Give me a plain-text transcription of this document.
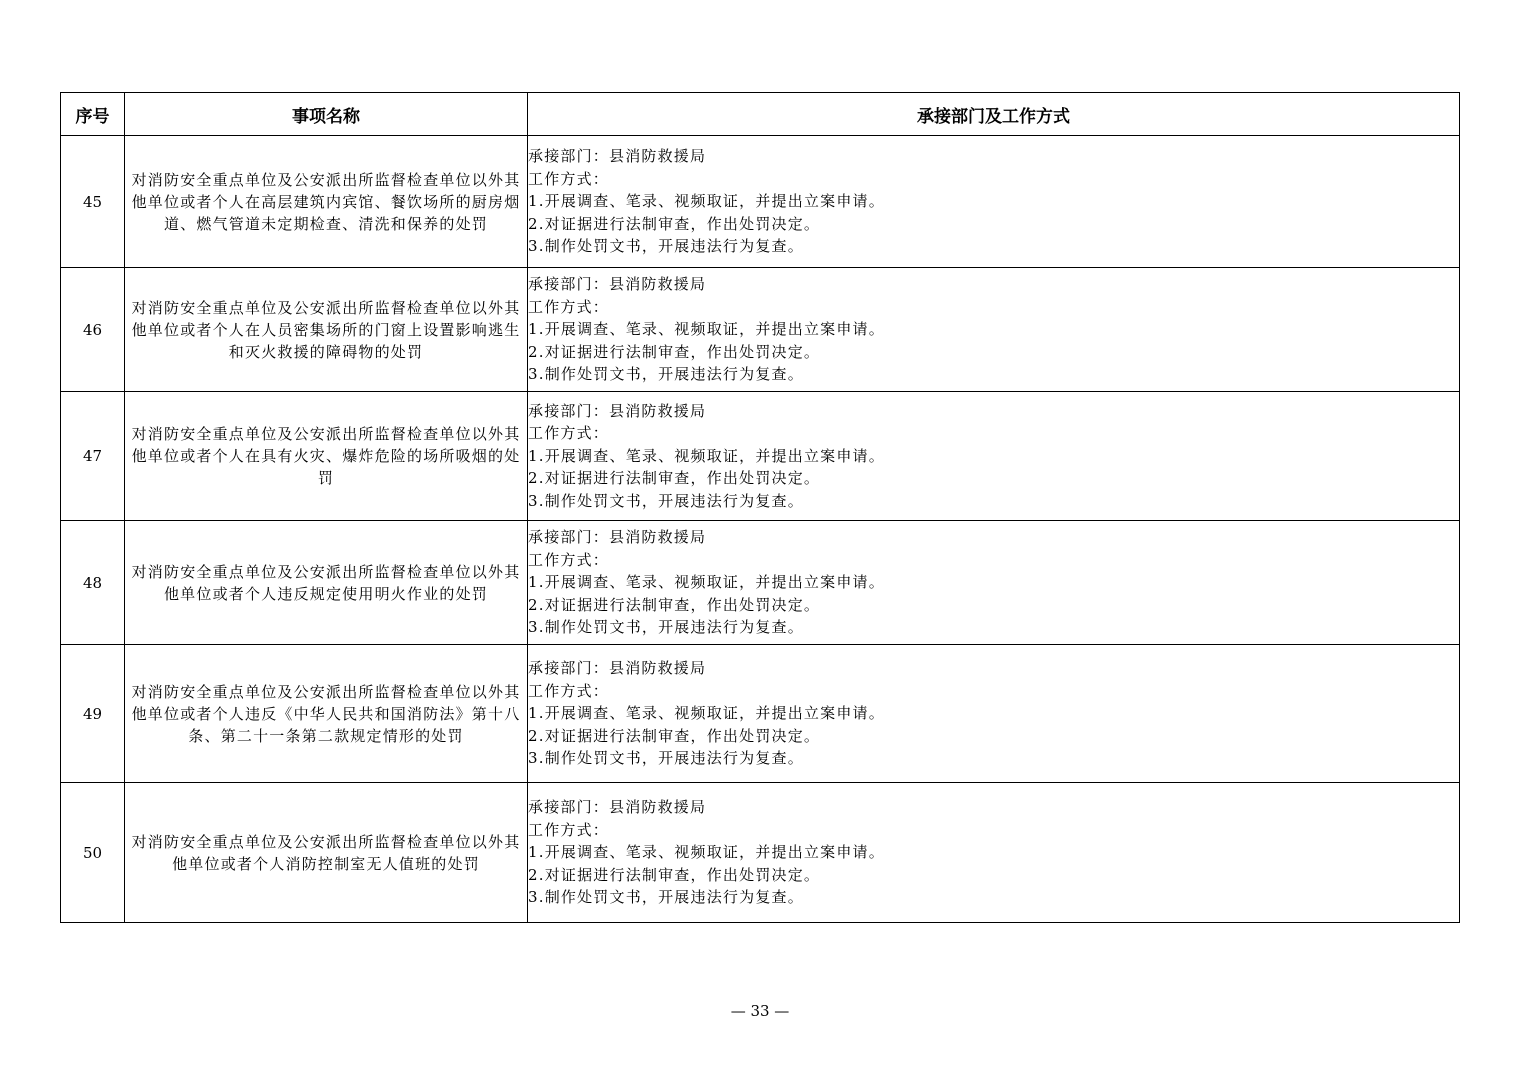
序号	事项名称	承接部门及工作方式
45	对消防安全重点单位及公安派出所监督检查单位以外其他单位或者个人在高层建筑内宾馆、餐饮场所的厨房烟道、燃气管道未定期检查、清洗和保养的处罚	承接部门：县消防救援局
工作方式：
1.开展调查、笔录、视频取证，并提出立案申请。
2.对证据进行法制审查，作出处罚决定。
3.制作处罚文书，开展违法行为复查。

46	对消防安全重点单位及公安派出所监督检查单位以外其他单位或者个人在人员密集场所的门窗上设置影响逃生和灭火救援的障碍物的处罚	承接部门：县消防救援局
工作方式：
1.开展调查、笔录、视频取证，并提出立案申请。
2.对证据进行法制审查，作出处罚决定。
3.制作处罚文书，开展违法行为复查。

47	对消防安全重点单位及公安派出所监督检查单位以外其他单位或者个人在具有火灾、爆炸危险的场所吸烟的处罚	承接部门：县消防救援局
工作方式：
1.开展调查、笔录、视频取证，并提出立案申请。
2.对证据进行法制审查，作出处罚决定。
3.制作处罚文书，开展违法行为复查。

48	对消防安全重点单位及公安派出所监督检查单位以外其他单位或者个人违反规定使用明火作业的处罚	承接部门：县消防救援局
工作方式：
1.开展调查、笔录、视频取证，并提出立案申请。
2.对证据进行法制审查，作出处罚决定。
3.制作处罚文书，开展违法行为复查。

49	对消防安全重点单位及公安派出所监督检查单位以外其他单位或者个人违反《中华人民共和国消防法》第十八条、第二十一条第二款规定情形的处罚	承接部门：县消防救援局
工作方式：
1.开展调查、笔录、视频取证，并提出立案申请。
2.对证据进行法制审查，作出处罚决定。
3.制作处罚文书，开展违法行为复查。

50	对消防安全重点单位及公安派出所监督检查单位以外其他单位或者个人消防控制室无人值班的处罚	承接部门：县消防救援局
工作方式：
1.开展调查、笔录、视频取证，并提出立案申请。
2.对证据进行法制审查，作出处罚决定。
3.制作处罚文书，开展违法行为复查。
— 33 —
